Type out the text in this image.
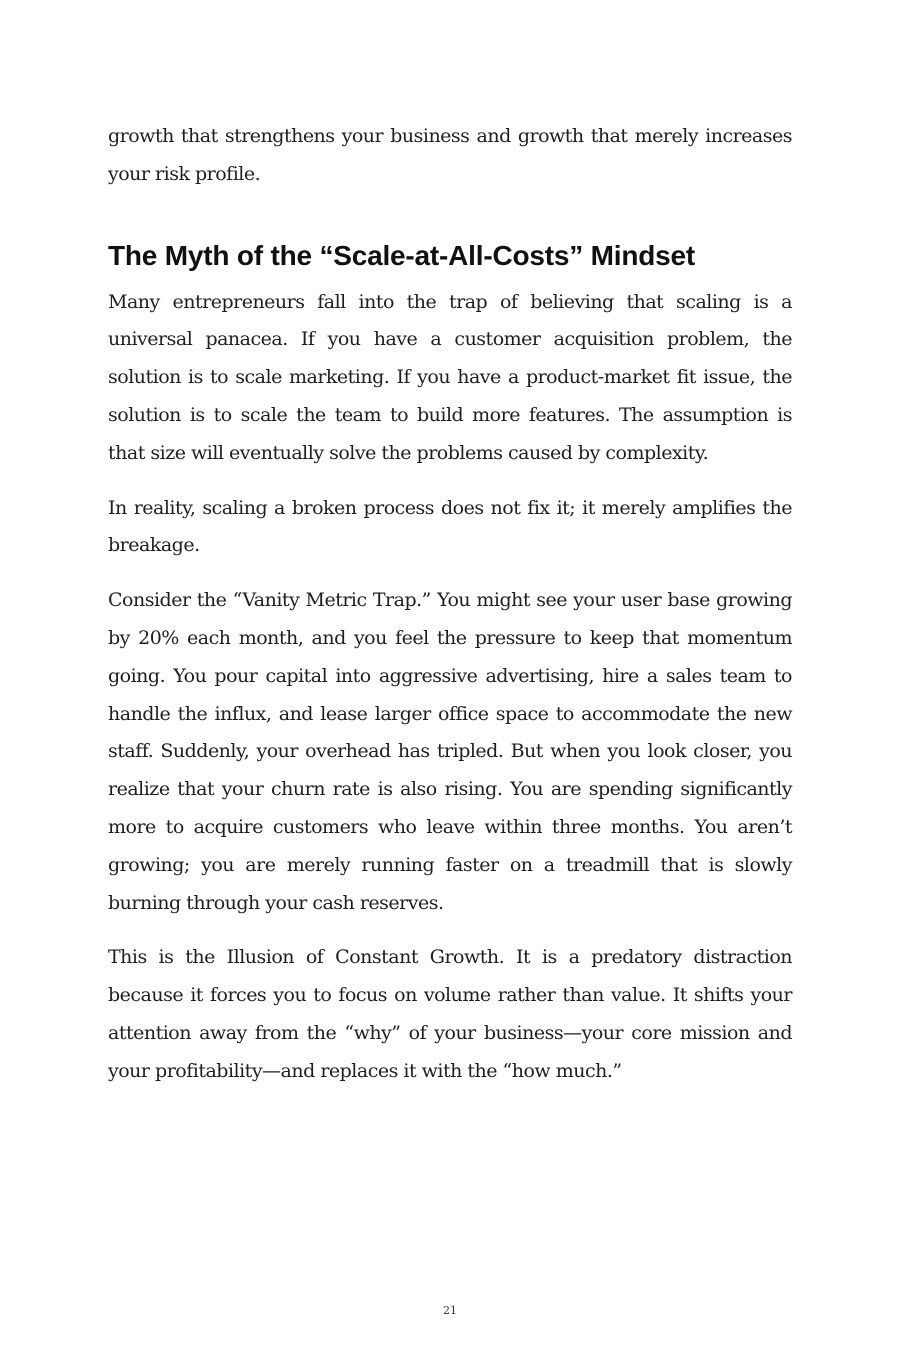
growth that strengthens your business and growth that merely increases your risk profile.

The Myth of the “Scale-at-All-Costs” Mindset

Many entrepreneurs fall into the trap of believing that scaling is a universal panacea. If you have a customer acquisition problem, the solution is to scale marketing. If you have a product-market fit issue, the solution is to scale the team to build more features. The assumption is that size will eventually solve the problems caused by complexity.

In reality, scaling a broken process does not fix it; it merely amplifies the breakage.

Consider the “Vanity Metric Trap.” You might see your user base growing by 20% each month, and you feel the pressure to keep that momentum going. You pour capital into aggressive advertising, hire a sales team to handle the influx, and lease larger office space to accommodate the new staff. Suddenly, your overhead has tripled. But when you look closer, you realize that your churn rate is also rising. You are spending significantly more to acquire customers who leave within three months. You aren’t growing; you are merely running faster on a treadmill that is slowly burning through your cash reserves.

This is the Illusion of Constant Growth. It is a predatory distraction because it forces you to focus on volume rather than value. It shifts your attention away from the “why” of your business—your core mission and your profitability—and replaces it with the “how much.”

21
